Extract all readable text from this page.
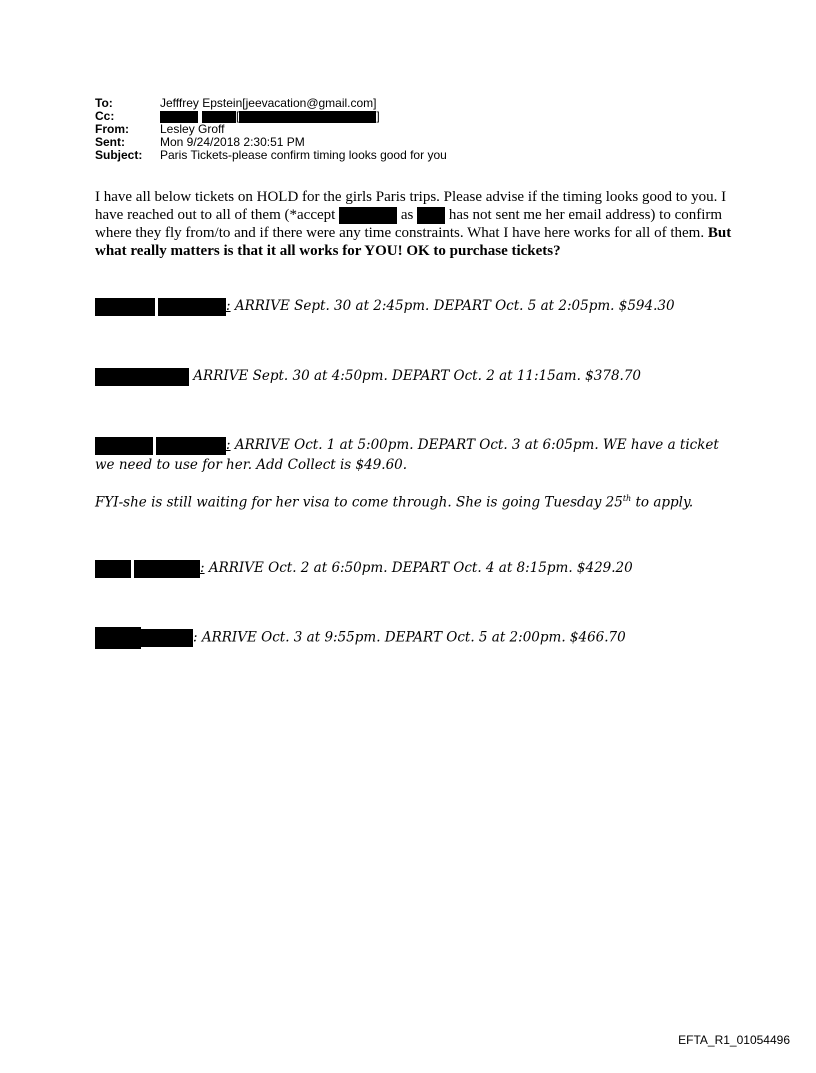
To:	Jefffrey Epstein[jeevacation@gmail.com]
Cc:	[	]
From:	Lesley Groff
Sent:	Mon 9/24/2018 2:30:51 PM
Subject:	Paris Tickets-please confirm timing looks good for you
I have all below tickets on HOLD for the girls Paris trips. Please advise if the timing looks good to you. I have reached out to all of them (*accept	as has not sent me her email address) to confirm where they fly from/to and if there were any time constraints. What I have here works for all of them. But what really matters is that it all works for YOU! OK to purchase tickets?
: ARRIVE Sept. 30 at 2:45pm. DEPART Oct. 5 at 2:05pm. $594.30
ARRIVE Sept. 30 at 4:50pm. DEPART Oct. 2 at 11:15am. $378.70
: ARRIVE Oct. 1 at 5:00pm. DEPART Oct. 3 at 6:05pm. WE have a ticket we need to use for her. Add Collect is $49.60.
FYI-she is still waiting for her visa to come through. She is going Tuesday 25th to apply.
: ARRIVE Oct. 2 at 6:50pm. DEPART Oct. 4 at 8:15pm. $429.20
: ARRIVE Oct. 3 at 9:55pm. DEPART Oct. 5 at 2:00pm. $466.70
EFTA_R1_01054496
